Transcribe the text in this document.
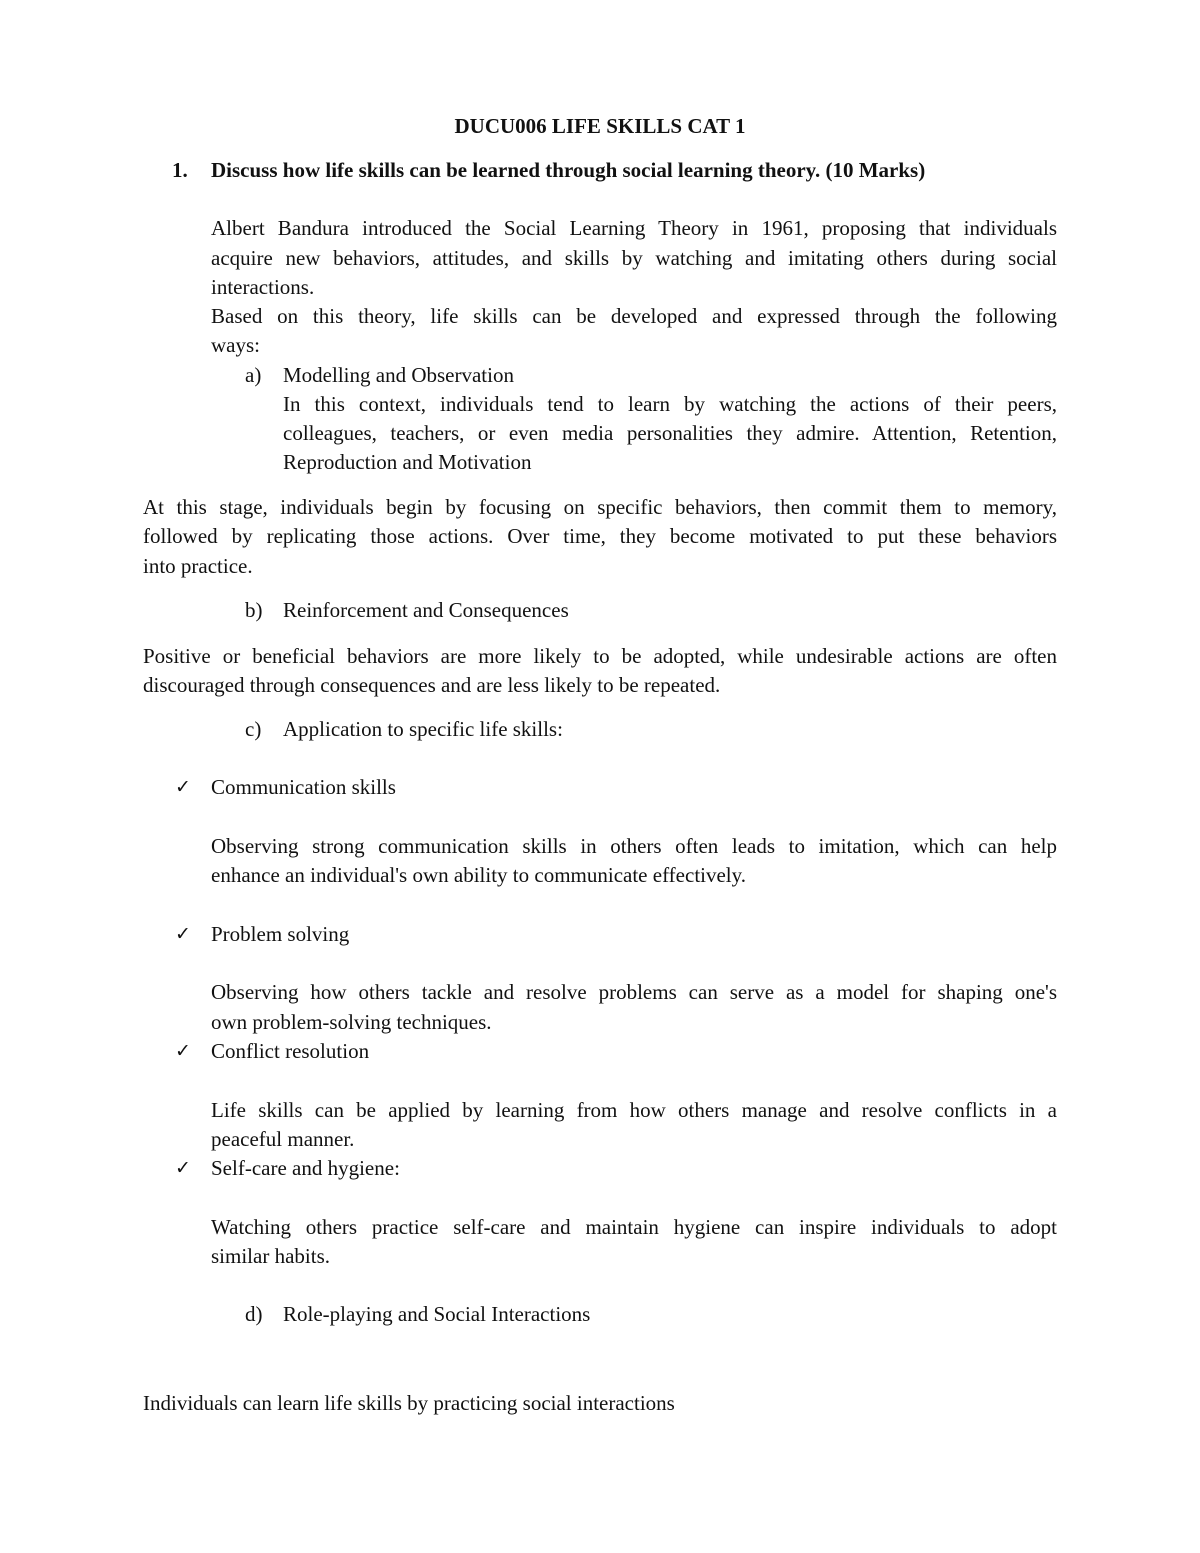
DUCU006 LIFE SKILLS CAT 1

1. Discuss how life skills can be learned through social learning theory. (10 Marks)

Albert Bandura introduced the Social Learning Theory in 1961, proposing that individuals

acquire new behaviors, attitudes, and skills by watching and imitating others during social

interactions.

Based on this theory, life skills can be developed and expressed through the following

ways:

a) Modelling and Observation

In this context, individuals tend to learn by watching the actions of their peers,

colleagues, teachers, or even media personalities they admire. Attention, Retention,

Reproduction and Motivation

At this stage, individuals begin by focusing on specific behaviors, then commit them to memory,

followed by replicating those actions. Over time, they become motivated to put these behaviors

into practice.

b) Reinforcement and Consequences

Positive or beneficial behaviors are more likely to be adopted, while undesirable actions are often

discouraged through consequences and are less likely to be repeated.

c) Application to specific life skills:

✓ Communication skills

Observing strong communication skills in others often leads to imitation, which can help

enhance an individual's own ability to communicate effectively.

✓ Problem solving

Observing how others tackle and resolve problems can serve as a model for shaping one's

own problem-solving techniques.

✓ Conflict resolution

Life skills can be applied by learning from how others manage and resolve conflicts in a

peaceful manner.

✓ Self-care and hygiene:

Watching others practice self-care and maintain hygiene can inspire individuals to adopt

similar habits.

d) Role-playing and Social Interactions

Individuals can learn life skills by practicing social interactions
